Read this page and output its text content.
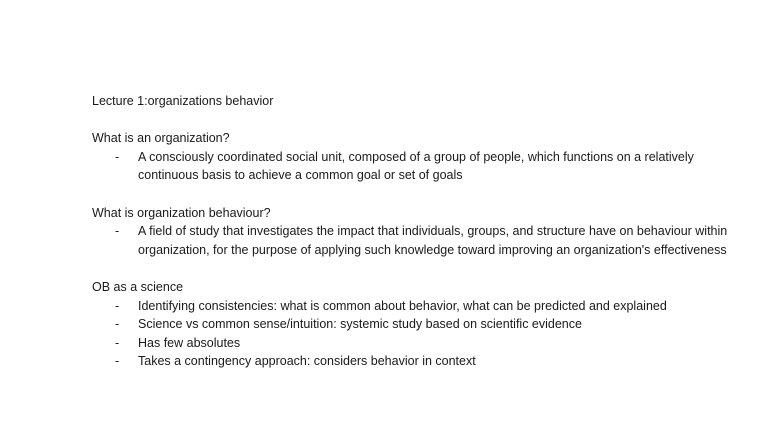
Lecture 1:organizations behavior

What is an organization?

- A consciously coordinated social unit, composed of a group of people, which functions on a relatively continuous basis to achieve a common goal or set of goals

What is organization behaviour?

- A field of study that investigates the impact that individuals, groups, and structure have on behaviour within organization, for the purpose of applying such knowledge toward improving an organization's effectiveness

OB as a science

- Identifying consistencies: what is common about behavior, what can be predicted and explained
- Science vs common sense/intuition: systemic study based on scientific evidence
- Has few absolutes
- Takes a contingency approach: considers behavior in context
